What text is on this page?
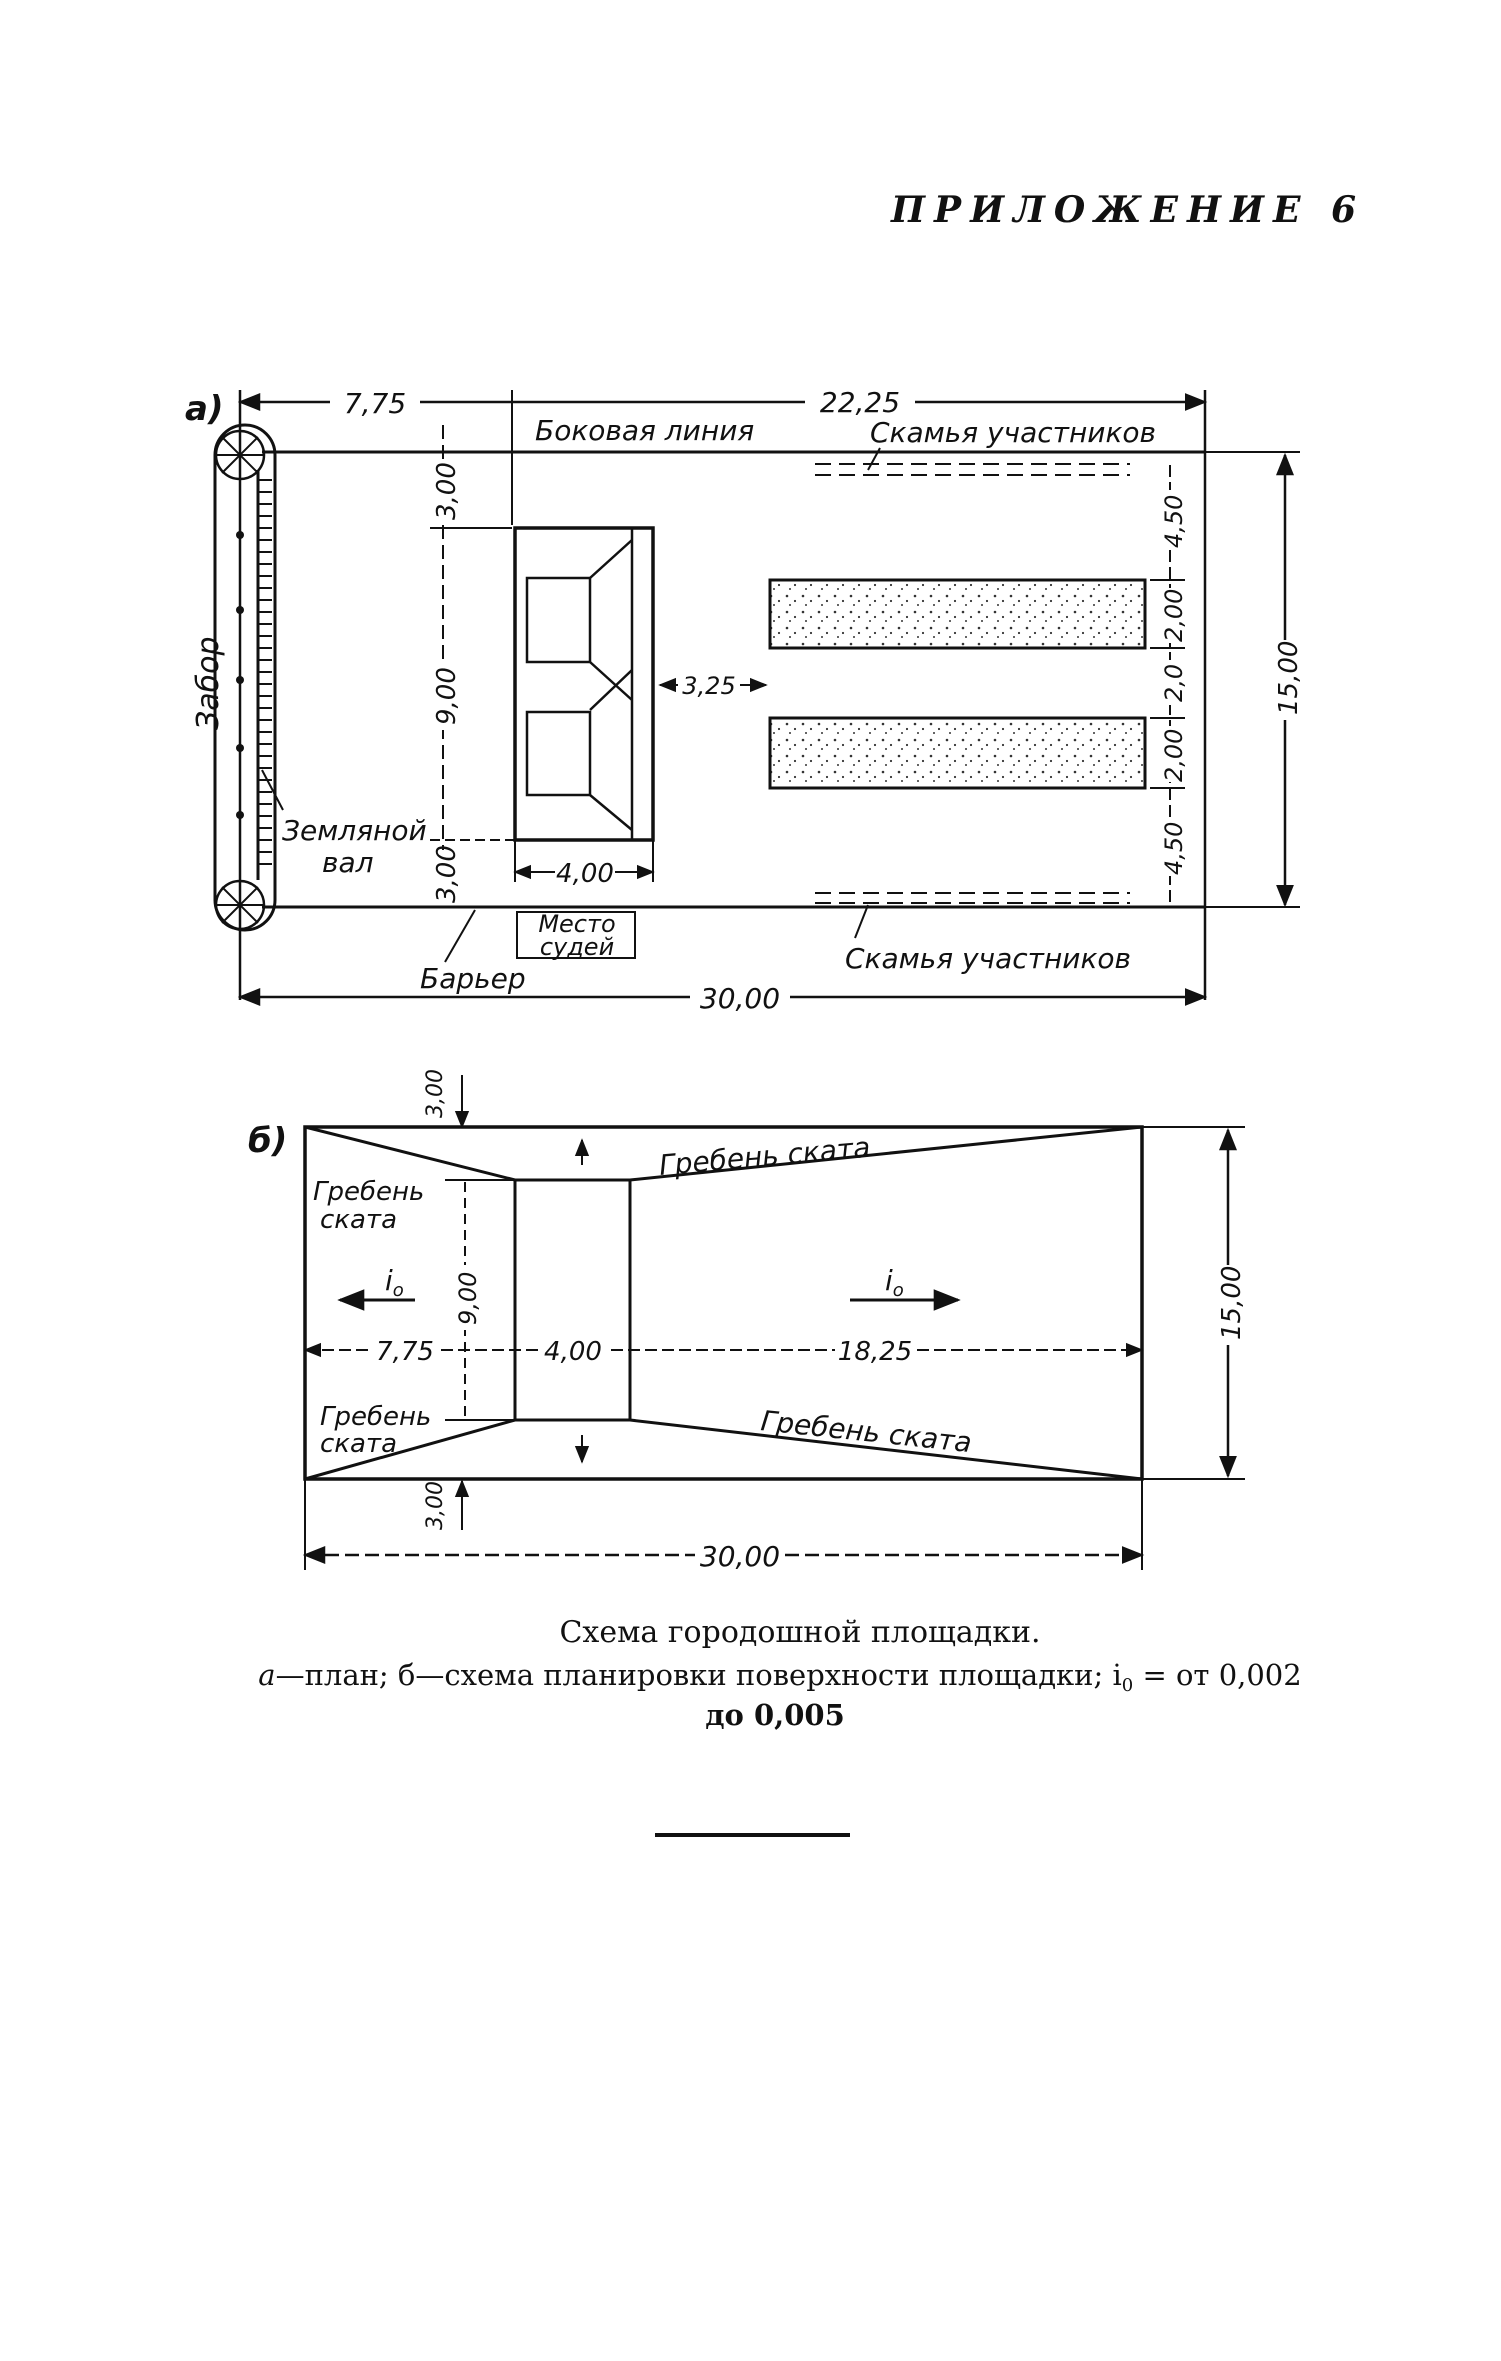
ПРИЛОЖЕНИЕ 6
а)	7,75	22,25
Забор
Земляной
вал
Боковая линия	Скамья участников
Скамья участников
3,00
9,00
3,00	4,00
Место
судей
Барьер
3,25
4,50
2,00
2,0
2,00
4,50
15,00
30,00
б)
3,00
3,00
9,00
Гребень
ската
Гребень ската
Гребень
ската	Гребень ската
$i_o$	$i_o$
7,75	4,00	18,25
15,00
30,00
Схема городошной площадки.
а—план; б—схема планировки поверхности площадки; $i_0$ = от 0,002
до 0,005
